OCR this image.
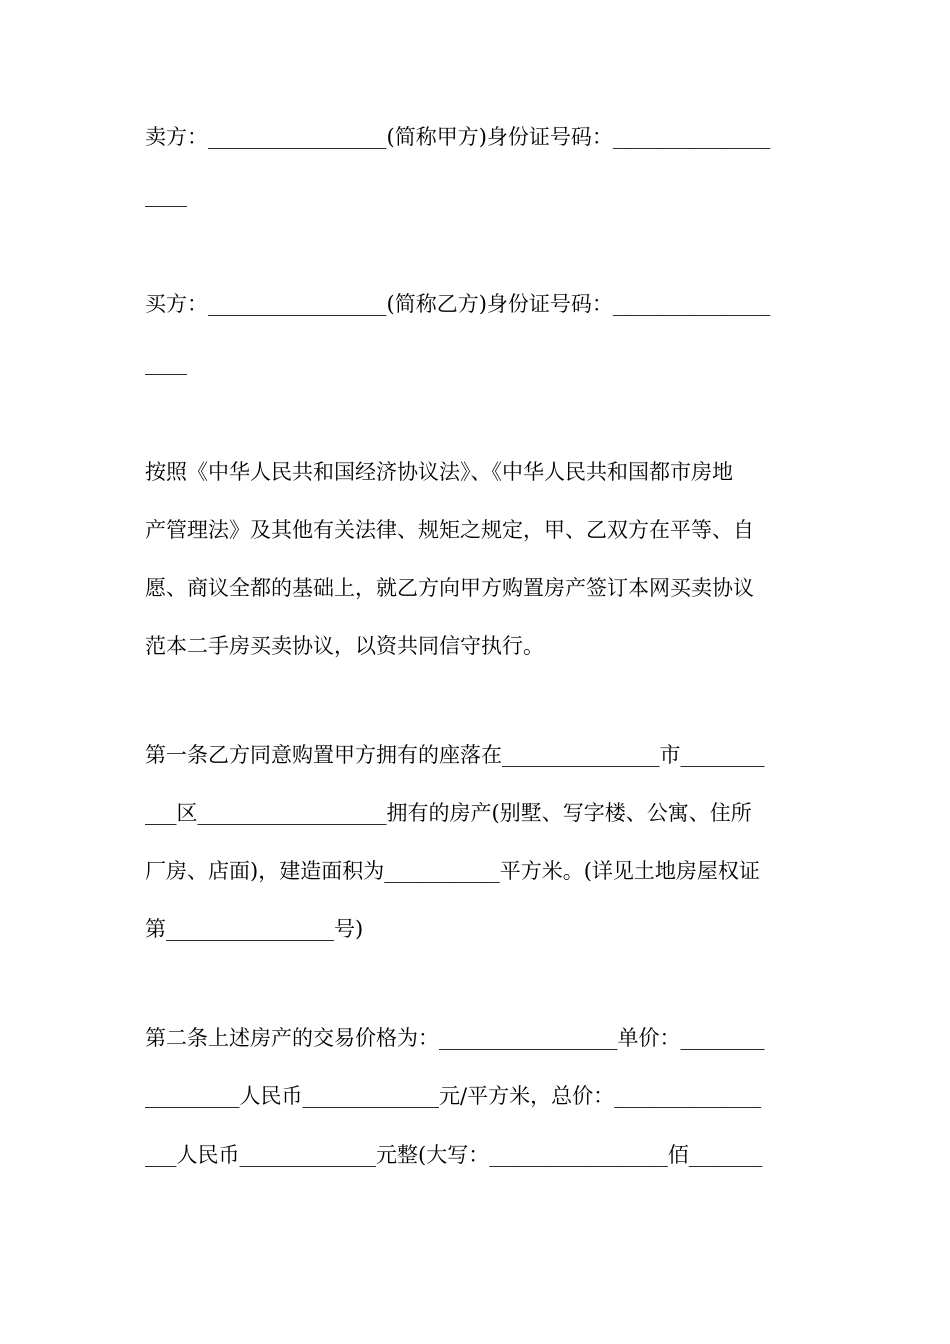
卖方：_________________(简称甲方)身份证号码：_______________
____
买方：_________________(简称乙方)身份证号码：_______________
____
按照《中华人民共和国经济协议法》、《中华人民共和国都市房地
产管理法》及其他有关法律、规矩之规定，甲、乙双方在平等、自
愿、商议全都的基础上，就乙方向甲方购置房产签订本网买卖协议
范本二手房买卖协议，以资共同信守执行。
第一条乙方同意购置甲方拥有的座落在_______________市________
___区__________________拥有的房产(别墅、写字楼、公寓、住所
厂房、店面)，建造面积为___________平方米。(详见土地房屋权证
第________________号)
第二条上述房产的交易价格为：_________________单价：________
_________人民币_____________元/平方米，总价：______________
___人民币_____________元整(大写：_________________佰_______
